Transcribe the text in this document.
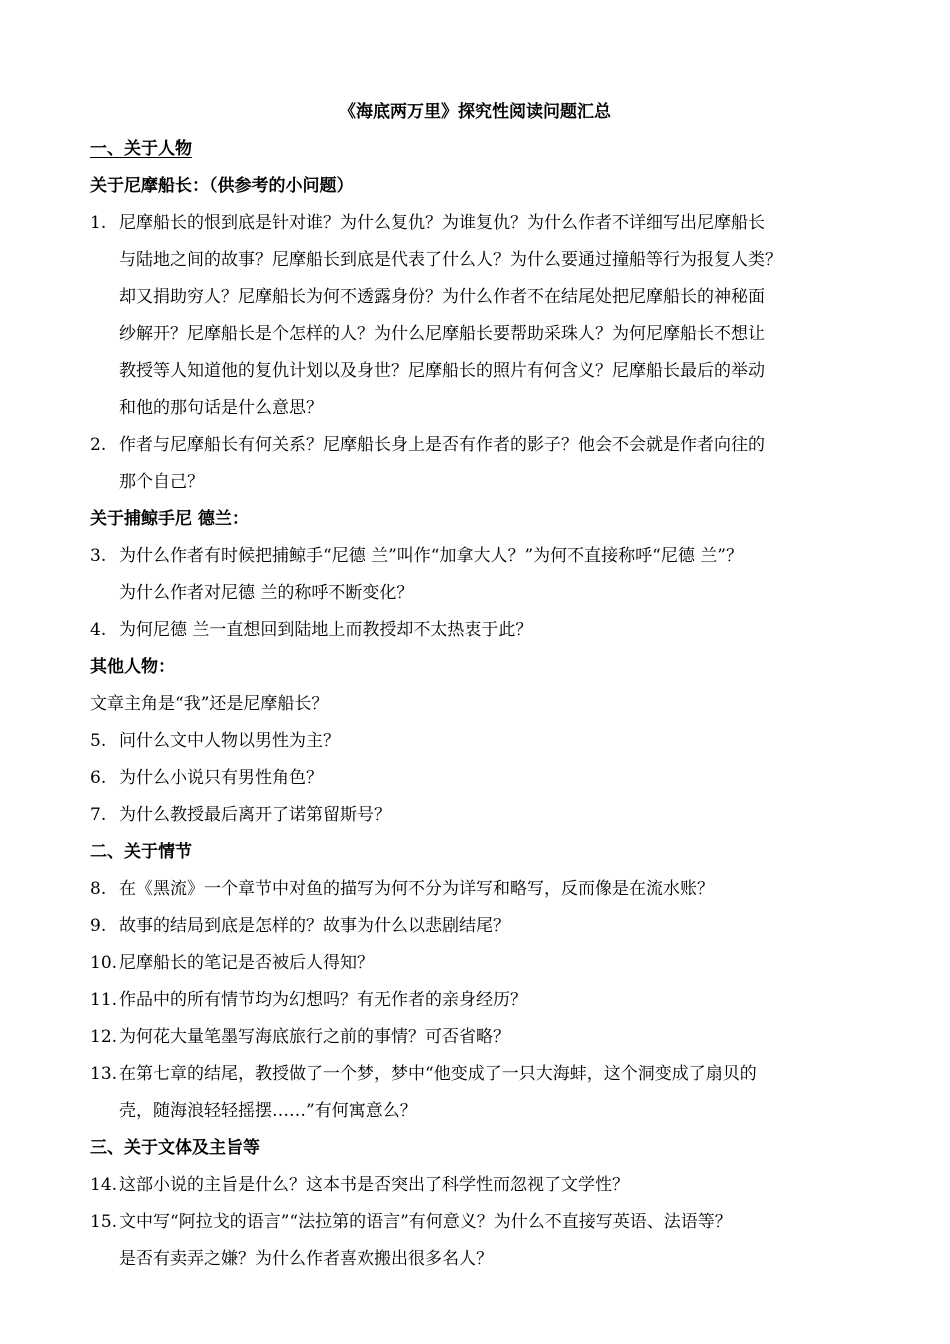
《海底两万里》探究性阅读问题汇总
一、关于人物
关于尼摩船长：（供参考的小问题）
1. 尼摩船长的恨到底是针对谁？为什么复仇？为谁复仇？为什么作者不详细写出尼摩船长
与陆地之间的故事？尼摩船长到底是代表了什么人？为什么要通过撞船等行为报复人类？
却又捐助穷人？尼摩船长为何不透露身份？为什么作者不在结尾处把尼摩船长的神秘面
纱解开？尼摩船长是个怎样的人？为什么尼摩船长要帮助采珠人？为何尼摩船长不想让
教授等人知道他的复仇计划以及身世？尼摩船长的照片有何含义？尼摩船长最后的举动
和他的那句话是什么意思？
2. 作者与尼摩船长有何关系？尼摩船长身上是否有作者的影子？他会不会就是作者向往的
那个自己？
关于捕鲸手尼 德兰：
3. 为什么作者有时候把捕鲸手“尼德 兰”叫作“加拿大人？”为何不直接称呼“尼德 兰”？
为什么作者对尼德 兰的称呼不断变化？
4. 为何尼德 兰一直想回到陆地上而教授却不太热衷于此？
其他人物：
文章主角是“我”还是尼摩船长？
5. 问什么文中人物以男性为主？
6. 为什么小说只有男性角色？
7. 为什么教授最后离开了诺第留斯号？
二、关于情节
8. 在《黑流》一个章节中对鱼的描写为何不分为详写和略写，反而像是在流水账？
9. 故事的结局到底是怎样的？故事为什么以悲剧结尾？
10. 尼摩船长的笔记是否被后人得知？
11. 作品中的所有情节均为幻想吗？有无作者的亲身经历？
12. 为何花大量笔墨写海底旅行之前的事情？可否省略？
13. 在第七章的结尾，教授做了一个梦，梦中“他变成了一只大海蚌，这个洞变成了扇贝的
壳，随海浪轻轻摇摆……”有何寓意么？
三、关于文体及主旨等
14. 这部小说的主旨是什么？这本书是否突出了科学性而忽视了文学性？
15. 文中写“阿拉戈的语言”“法拉第的语言”有何意义？为什么不直接写英语、法语等？
是否有卖弄之嫌？为什么作者喜欢搬出很多名人？
